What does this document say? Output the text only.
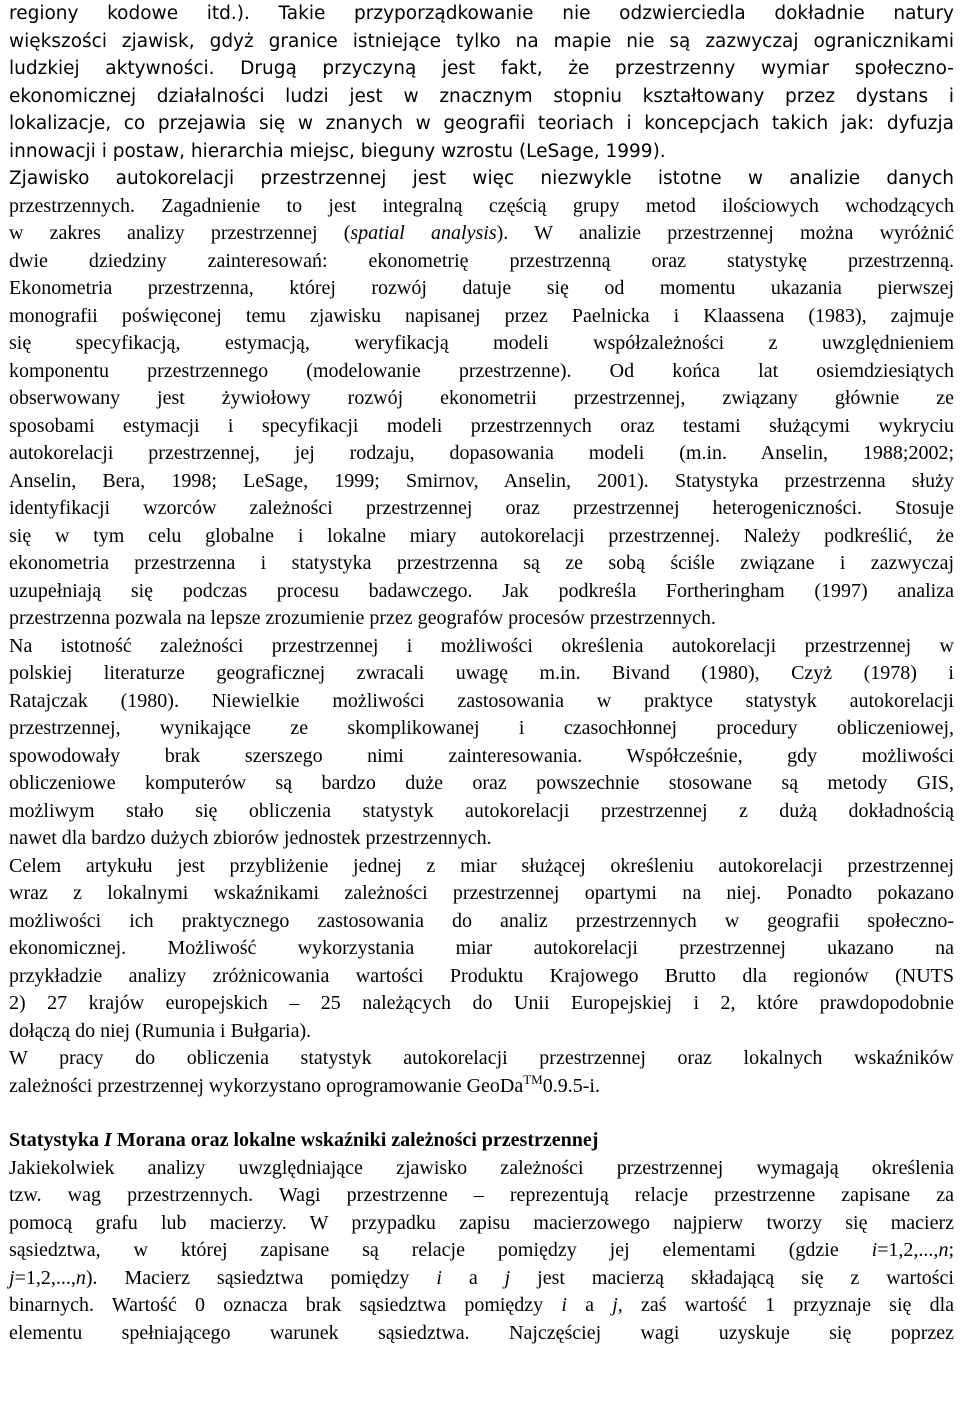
regiony kodowe itd.). Takie przyporządkowanie nie odzwierciedla dokładnie natury
większości zjawisk, gdyż granice istniejące tylko na mapie nie są zazwyczaj ogranicznikami
ludzkiej aktywności. Drugą przyczyną jest fakt, że przestrzenny wymiar społeczno-
ekonomicznej działalności ludzi jest w znacznym stopniu kształtowany przez dystans i
lokalizacje, co przejawia się w znanych w geografii teoriach i koncepcjach takich jak: dyfuzja
innowacji i postaw, hierarchia miejsc, bieguny wzrostu (LeSage, 1999).
Zjawisko autokorelacji przestrzennej jest więc niezwykle istotne w analizie danych
przestrzennych. Zagadnienie to jest integralną częścią grupy metod ilościowych wchodzących
w zakres analizy przestrzennej (spatial analysis). W analizie przestrzennej można wyróżnić
dwie dziedziny zainteresowań: ekonometrię przestrzenną oraz statystykę przestrzenną.
Ekonometria przestrzenna, której rozwój datuje się od momentu ukazania pierwszej
monografii poświęconej temu zjawisku napisanej przez Paelnicka i Klaassena (1983), zajmuje
się specyfikacją, estymacją, weryfikacją modeli współzależności z uwzględnieniem
komponentu przestrzennego (modelowanie przestrzenne). Od końca lat osiemdziesiątych
obserwowany jest żywiołowy rozwój ekonometrii przestrzennej, związany głównie ze
sposobami estymacji i specyfikacji modeli przestrzennych oraz testami służącymi wykryciu
autokorelacji przestrzennej, jej rodzaju, dopasowania modeli (m.in. Anselin, 1988;2002;
Anselin, Bera, 1998; LeSage, 1999; Smirnov, Anselin, 2001). Statystyka przestrzenna służy
identyfikacji wzorców zależności przestrzennej oraz przestrzennej heterogeniczności. Stosuje
się w tym celu globalne i lokalne miary autokorelacji przestrzennej. Należy podkreślić, że
ekonometria przestrzenna i statystyka przestrzenna są ze sobą ściśle związane i zazwyczaj
uzupełniają się podczas procesu badawczego. Jak podkreśla Fortheringham (1997) analiza
przestrzenna pozwala na lepsze zrozumienie przez geografów procesów przestrzennych.
Na istotność zależności przestrzennej i możliwości określenia autokorelacji przestrzennej w
polskiej literaturze geograficznej zwracali uwagę m.in. Bivand (1980), Czyż (1978) i
Ratajczak (1980). Niewielkie możliwości zastosowania w praktyce statystyk autokorelacji
przestrzennej, wynikające ze skomplikowanej i czasochłonnej procedury obliczeniowej,
spowodowały brak szerszego nimi zainteresowania. Współcześnie, gdy możliwości
obliczeniowe komputerów są bardzo duże oraz powszechnie stosowane są metody GIS,
możliwym stało się obliczenia statystyk autokorelacji przestrzennej z dużą dokładnością
nawet dla bardzo dużych zbiorów jednostek przestrzennych.
Celem artykułu jest przybliżenie jednej z miar służącej określeniu autokorelacji przestrzennej
wraz z lokalnymi wskaźnikami zależności przestrzennej opartymi na niej. Ponadto pokazano
możliwości ich praktycznego zastosowania do analiz przestrzennych w geografii społeczno-
ekonomicznej. Możliwość wykorzystania miar autokorelacji przestrzennej ukazano na
przykładzie analizy zróżnicowania wartości Produktu Krajowego Brutto dla regionów (NUTS
2) 27 krajów europejskich – 25 należących do Unii Europejskiej i 2, które prawdopodobnie
dołączą do niej (Rumunia i Bułgaria).
W pracy do obliczenia statystyk autokorelacji przestrzennej oraz lokalnych wskaźników
zależności przestrzennej wykorzystano oprogramowanie GeoDa™0.9.5-i.
Statystyka I Morana oraz lokalne wskaźniki zależności przestrzennej
Jakiekolwiek analizy uwzględniające zjawisko zależności przestrzennej wymagają określenia
tzw. wag przestrzennych. Wagi przestrzenne – reprezentują relacje przestrzenne zapisane za
pomocą grafu lub macierzy. W przypadku zapisu macierzowego najpierw tworzy się macierz
sąsiedztwa, w której zapisane są relacje pomiędzy jej elementami (gdzie i=1,2,...,n;
j=1,2,...,n). Macierz sąsiedztwa pomiędzy i a j jest macierzą składającą się z wartości
binarnych. Wartość 0 oznacza brak sąsiedztwa pomiędzy i a j, zaś wartość 1 przyznaje się dla
elementu spełniającego warunek sąsiedztwa. Najczęściej wagi uzyskuje się poprzez
